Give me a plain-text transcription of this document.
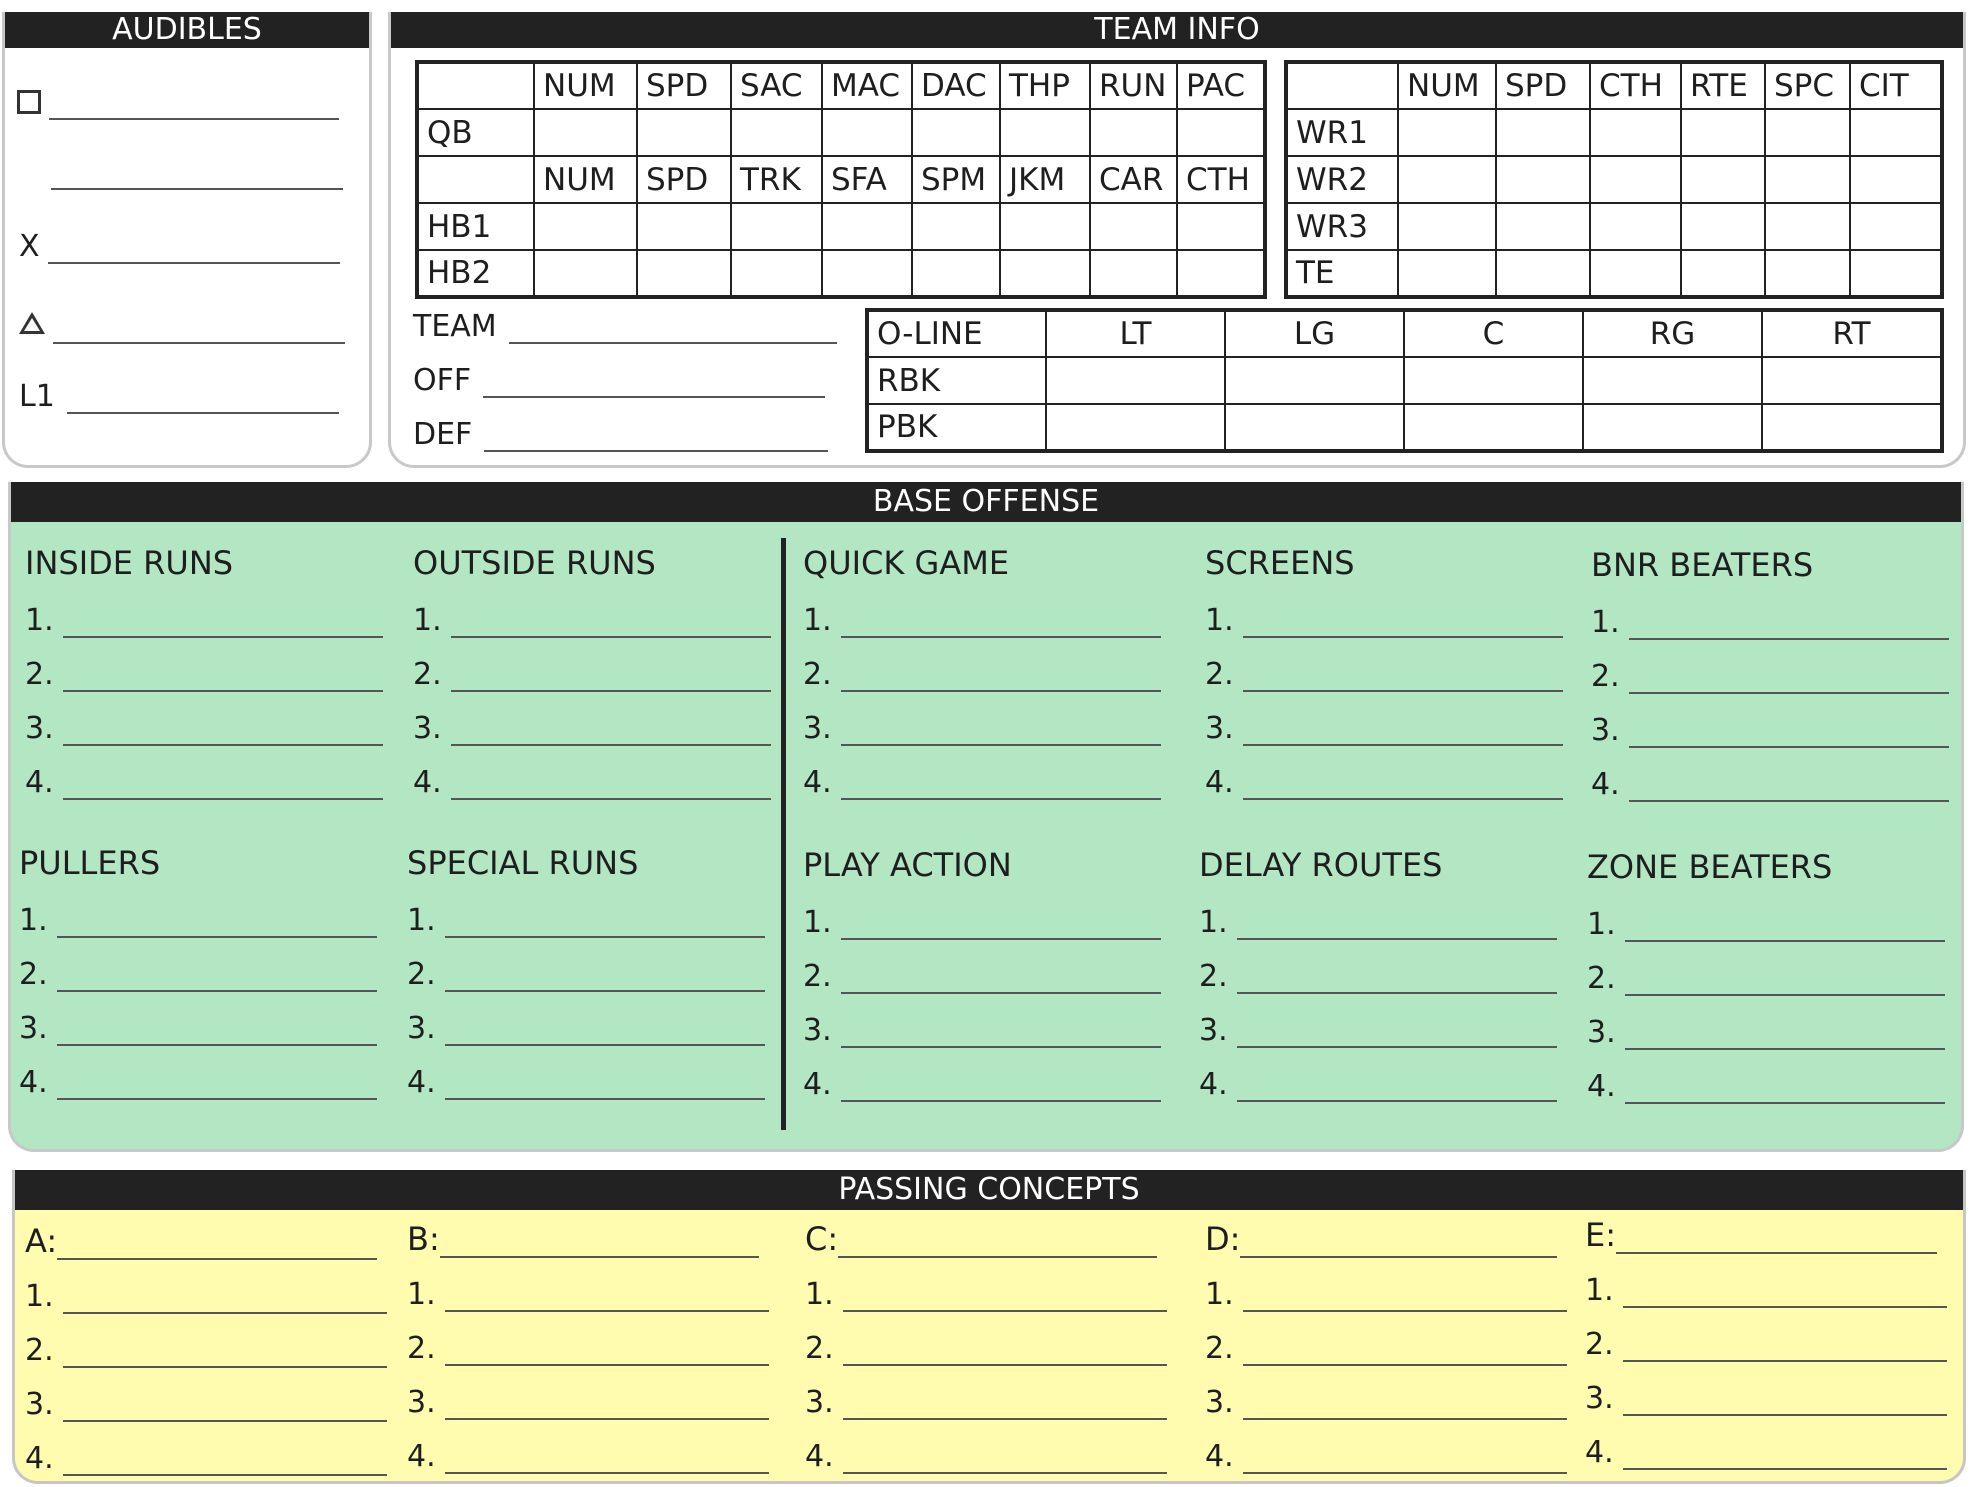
AUDIBLES
X
L1
TEAM INFO
	NUM	SPD	SAC	MAC	DAC	THP	RUN	PAC
QB								
	NUM	SPD	TRK	SFA	SPM	JKM	CAR	CTH
HB1								
HB2								
	NUM	SPD	CTH	RTE	SPC	CIT
WR1						
WR2						
WR3						
TE						
TEAM
OFF
DEF
O-LINE	LT	LG	C	RG	RT
RBK					
PBK					
BASE OFFENSE
INSIDE RUNS
1.
2.
3.
4.
OUTSIDE RUNS
1.
2.
3.
4.
QUICK GAME
1.
2.
3.
4.
SCREENS
1.
2.
3.
4.
BNR BEATERS
1.
2.
3.
4.
PULLERS
1.
2.
3.
4.
SPECIAL RUNS
1.
2.
3.
4.
PLAY ACTION
1.
2.
3.
4.
DELAY ROUTES
1.
2.
3.
4.
ZONE BEATERS
1.
2.
3.
4.
PASSING CONCEPTS
A:
1.
2.
3.
4.
B:
1.
2.
3.
4.
C:
1.
2.
3.
4.
D:
1.
2.
3.
4.
E:
1.
2.
3.
4.
